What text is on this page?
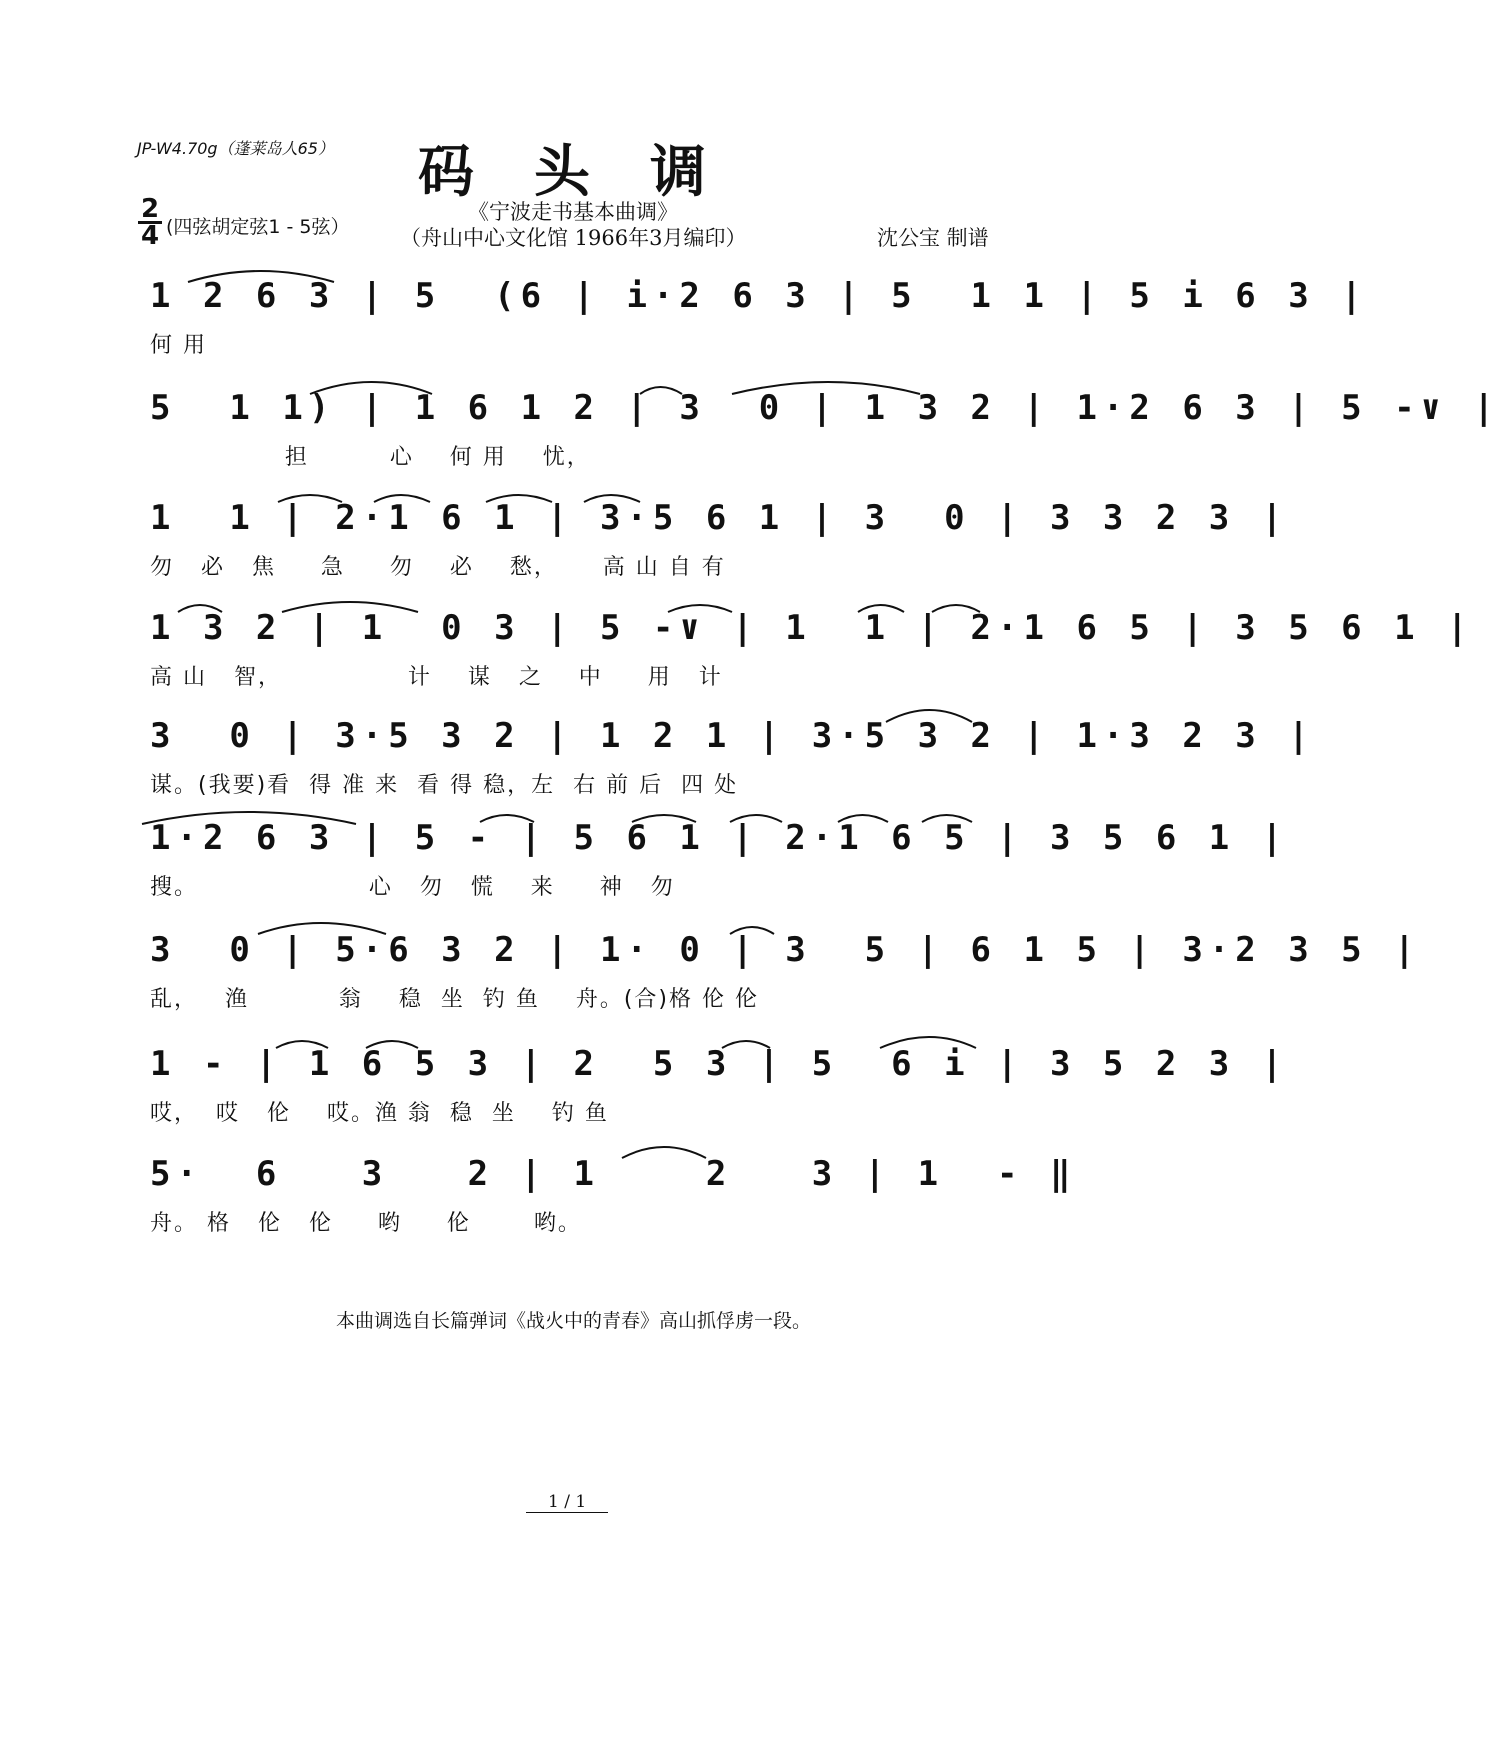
JP-W4.70g（蓬莱岛人65） 码头调
《宁波走书基本曲调》
（舟山中心文化馆 1966年3月编印）	沈公宝 制谱
2
4 (四弦胡定弦1 - 5弦）
1 2 6 3 | 5  (6 | i·2 6 3 | 5  1 1 | 5 i 6 3 |
何 用
5  1 1) | 1 6 1 2 | 3  0 | 1 3 2 | 1·2 6 3 | 5 -∨ |
担         心    何 用    忧，
1  1 | 2·1 6 1 | 3·5 6 1 | 3  0 | 3 3 2 3 |
勿   必   焦     急     勿    必    愁，     高 山 自 有
1 3 2 | 1  0 3 | 5 -∨ | 1  1 | 2·1 6 5 | 3 5 6 1 |
高 山   智，              计    谋   之    中     用   计
3  0 | 3·5 3 2 | 1 2 1 | 3·5 3 2 | 1·3 2 3 |
谋。(我要)看  得 准 来  看 得 稳，左  右 前 后  四 处
1·2 6 3 | 5 - | 5 6 1 | 2·1 6 5 | 3 5 6 1 |
搜。                   心   勿   慌    来     神   勿
3  0 | 5·6 3 2 | 1· 0 | 3  5 | 6 1 5 | 3·2 3 5 |
乱，   渔          翁    稳  坐  钓 鱼    舟。(合)格 伦 伦
1 - | 1 6 5 3 | 2  5 3 | 5  6 i | 3 5 2 3 |
哎，  哎   伦    哎。渔 翁  稳  坐    钓 鱼
5·  6   3   2 | 1    2   3 | 1  - ‖
舟。 格   伦   伦     哟     伦       哟。
本曲调选自长篇弹词《战火中的青春》高山抓俘虏一段。
1 / 1
